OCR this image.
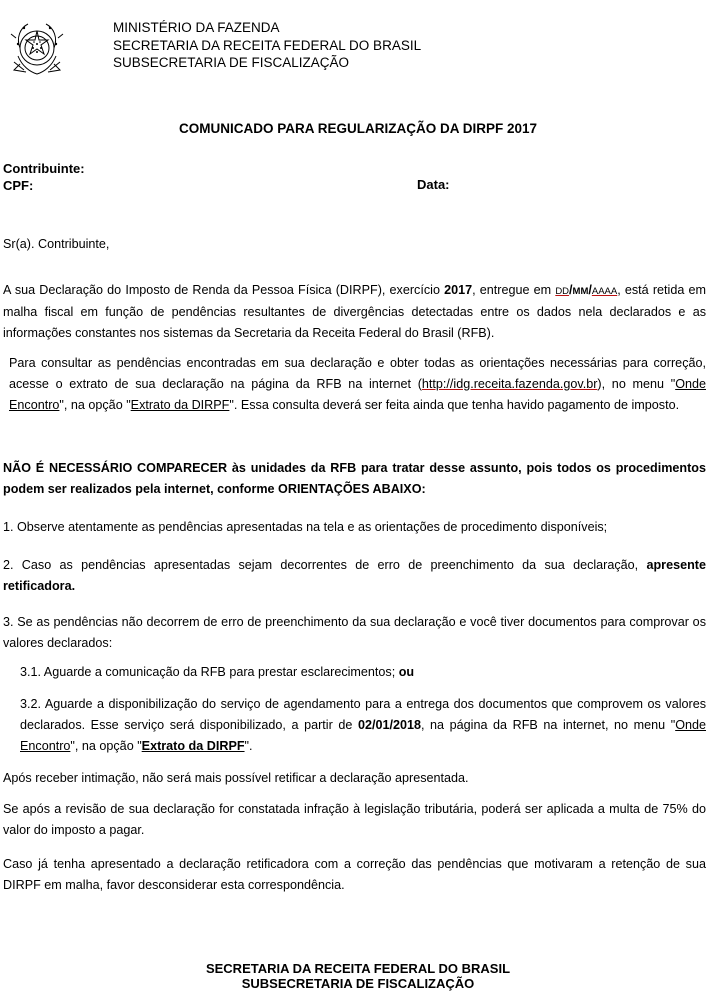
MINISTÉRIO DA FAZENDA
SECRETARIA DA RECEITA FEDERAL DO BRASIL
SUBSECRETARIA DE FISCALIZAÇÃO
COMUNICADO PARA REGULARIZAÇÃO DA DIRPF 2017
Contribuinte:
CPF:	Data:
Sr(a). Contribuinte,
A sua Declaração do Imposto de Renda da Pessoa Física (DIRPF), exercício 2017, entregue em DD/MM/AAAA, está retida em malha fiscal em função de pendências resultantes de divergências detectadas entre os dados nela declarados e as informações constantes nos sistemas da Secretaria da Receita Federal do Brasil (RFB).
Para consultar as pendências encontradas em sua declaração e obter todas as orientações necessárias para correção, acesse o extrato de sua declaração na página da RFB na internet (http://idg.receita.fazenda.gov.br), no menu "Onde Encontro", na opção "Extrato da DIRPF". Essa consulta deverá ser feita ainda que tenha havido pagamento de imposto.
NÃO É NECESSÁRIO COMPARECER às unidades da RFB para tratar desse assunto, pois todos os procedimentos podem ser realizados pela internet, conforme ORIENTAÇÕES ABAIXO:
1. Observe atentamente as pendências apresentadas na tela e as orientações de procedimento disponíveis;
2. Caso as pendências apresentadas sejam decorrentes de erro de preenchimento da sua declaração, apresente retificadora.
3. Se as pendências não decorrem de erro de preenchimento da sua declaração e você tiver documentos para comprovar os valores declarados:
3.1. Aguarde a comunicação da RFB para prestar esclarecimentos; ou
3.2. Aguarde a disponibilização do serviço de agendamento para a entrega dos documentos que comprovem os valores declarados. Esse serviço será disponibilizado, a partir de 02/01/2018, na página da RFB na internet, no menu "Onde Encontro", na opção "Extrato da DIRPF".
Após receber intimação, não será mais possível retificar a declaração apresentada.
Se após a revisão de sua declaração for constatada infração à legislação tributária, poderá ser aplicada a multa de 75% do valor do imposto a pagar.
Caso já tenha apresentado a declaração retificadora com a correção das pendências que motivaram a retenção de sua DIRPF em malha, favor desconsiderar esta correspondência.
SECRETARIA DA RECEITA FEDERAL DO BRASIL
SUBSECRETARIA DE FISCALIZAÇÃO
